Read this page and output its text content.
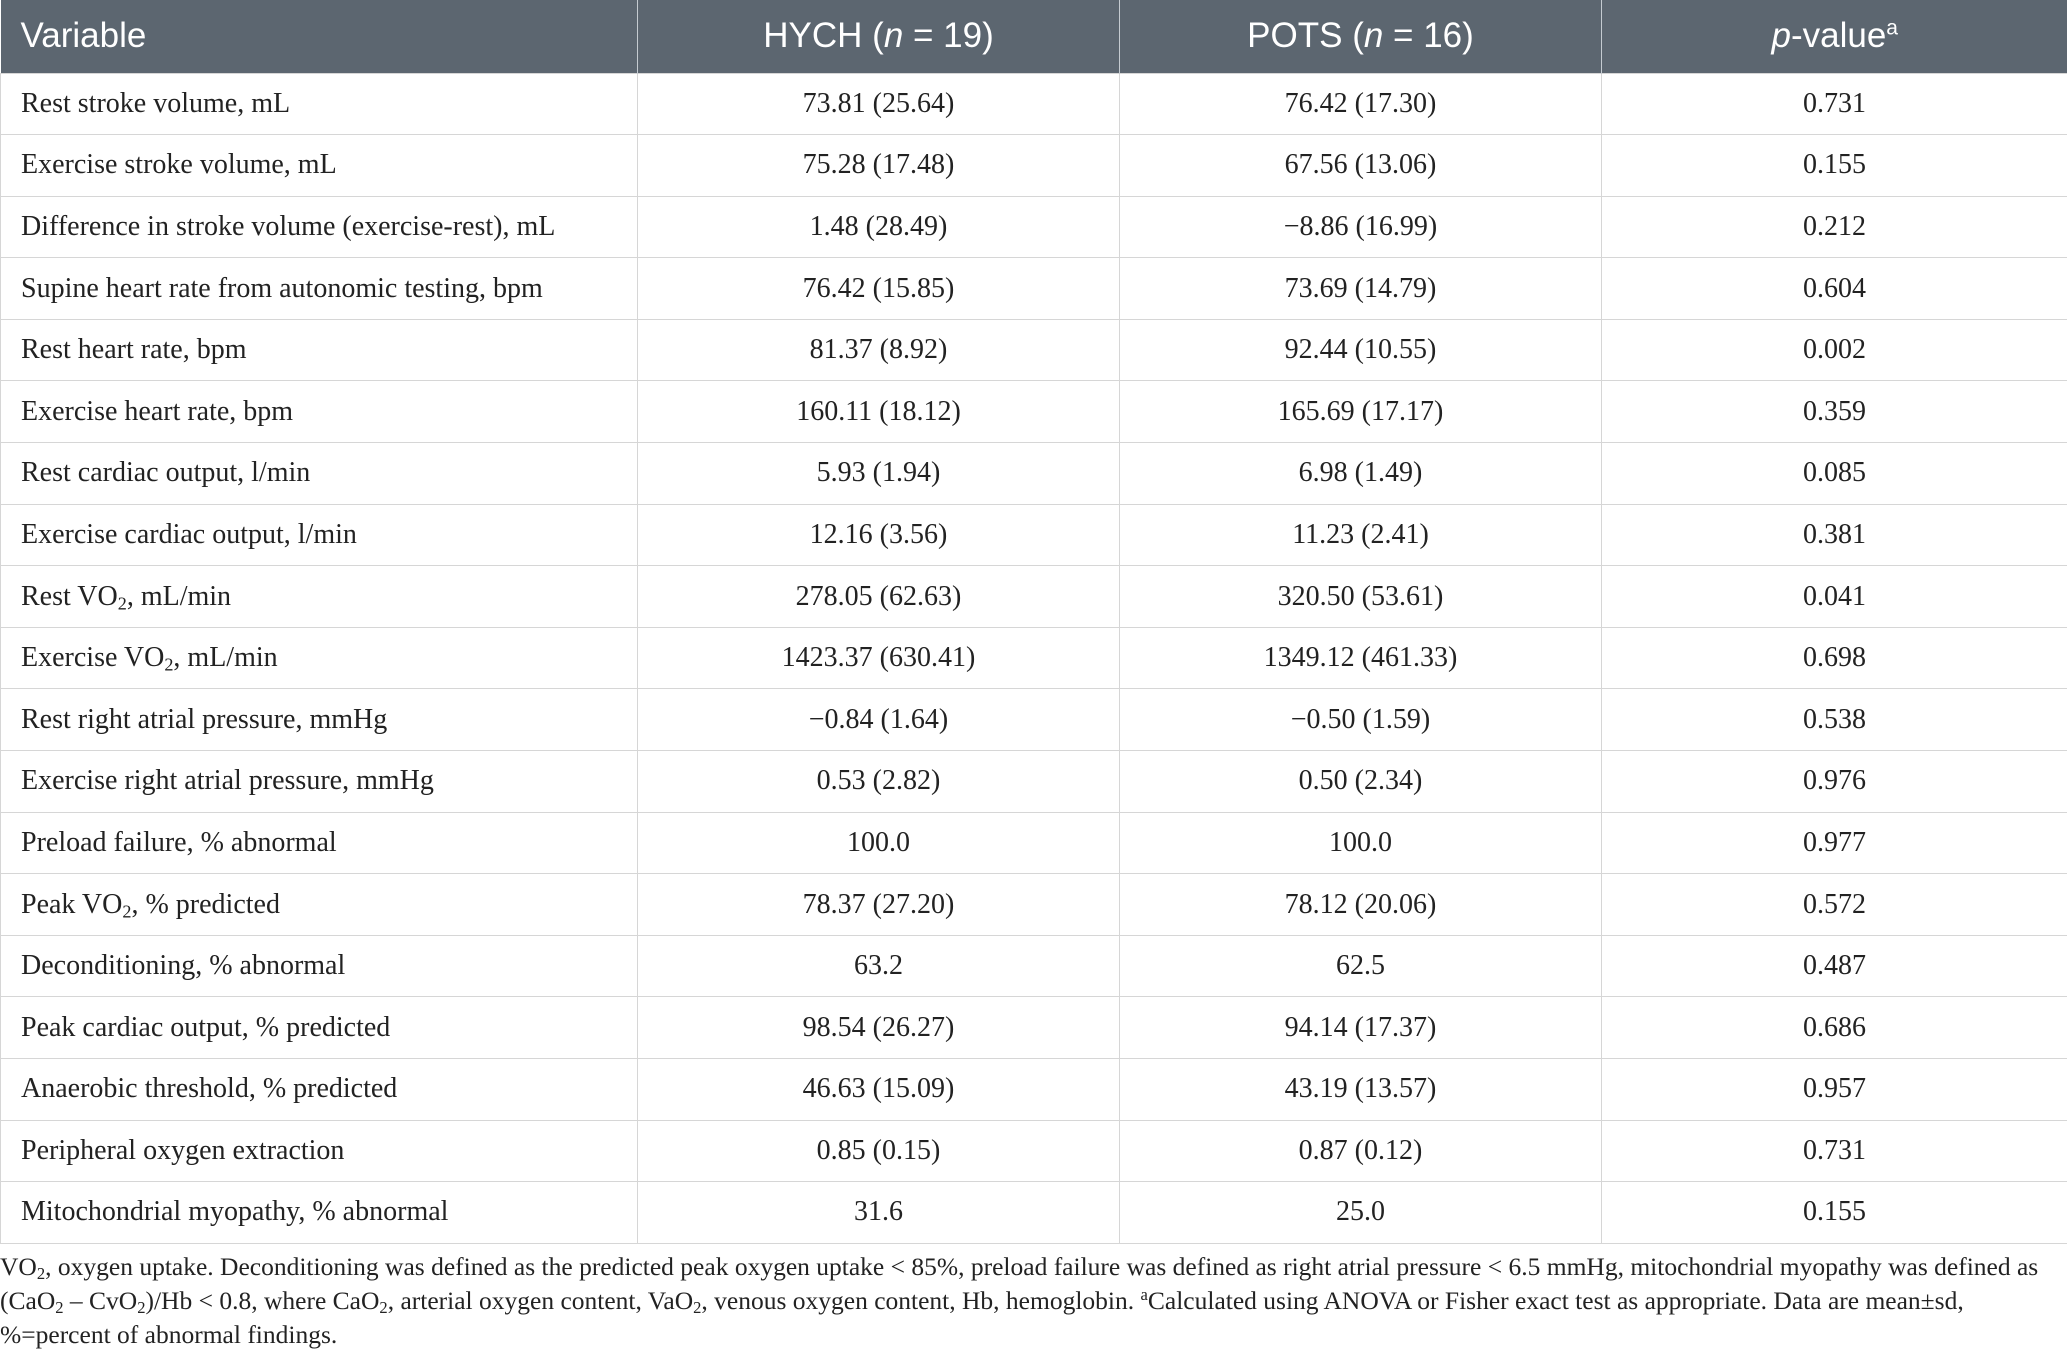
Variable	HYCH (n = 19)	POTS (n = 16)	p-value$^a$
Rest stroke volume, mL	73.81 (25.64)	76.42 (17.30)	0.731
Exercise stroke volume, mL	75.28 (17.48)	67.56 (13.06)	0.155
Difference in stroke volume (exercise-rest), mL	1.48 (28.49)	−8.86 (16.99)	0.212
Supine heart rate from autonomic testing, bpm	76.42 (15.85)	73.69 (14.79)	0.604
Rest heart rate, bpm	81.37 (8.92)	92.44 (10.55)	0.002
Exercise heart rate, bpm	160.11 (18.12)	165.69 (17.17)	0.359
Rest cardiac output, l/min	5.93 (1.94)	6.98 (1.49)	0.085
Exercise cardiac output, l/min	12.16 (3.56)	11.23 (2.41)	0.381
Rest $VO_2$, mL/min	278.05 (62.63)	320.50 (53.61)	0.041
Exercise $VO_2$, mL/min	1423.37 (630.41)	1349.12 (461.33)	0.698
Rest right atrial pressure, mmHg	−0.84 (1.64)	−0.50 (1.59)	0.538
Exercise right atrial pressure, mmHg	0.53 (2.82)	0.50 (2.34)	0.976
Preload failure, % abnormal	100.0	100.0	0.977
Peak $VO_2$, % predicted	78.37 (27.20)	78.12 (20.06)	0.572
Deconditioning, % abnormal	63.2	62.5	0.487
Peak cardiac output, % predicted	98.54 (26.27)	94.14 (17.37)	0.686
Anaerobic threshold, % predicted	46.63 (15.09)	43.19 (13.57)	0.957
Peripheral oxygen extraction	0.85 (0.15)	0.87 (0.12)	0.731
Mitochondrial myopathy, % abnormal	31.6	25.0	0.155

$VO_2$, oxygen uptake. Deconditioning was defined as the predicted peak oxygen uptake < 85%, preload failure was defined as right atrial pressure < 6.5 mmHg, mitochondrial myopathy was defined as (CaO$_2$ – CvO$_2$)/Hb < 0.8, where CaO$_2$, arterial oxygen content, VaO$_2$, venous oxygen content, Hb, hemoglobin. $^a$Calculated using ANOVA or Fisher exact test as appropriate. Data are mean±sd, %=percent of abnormal findings.
